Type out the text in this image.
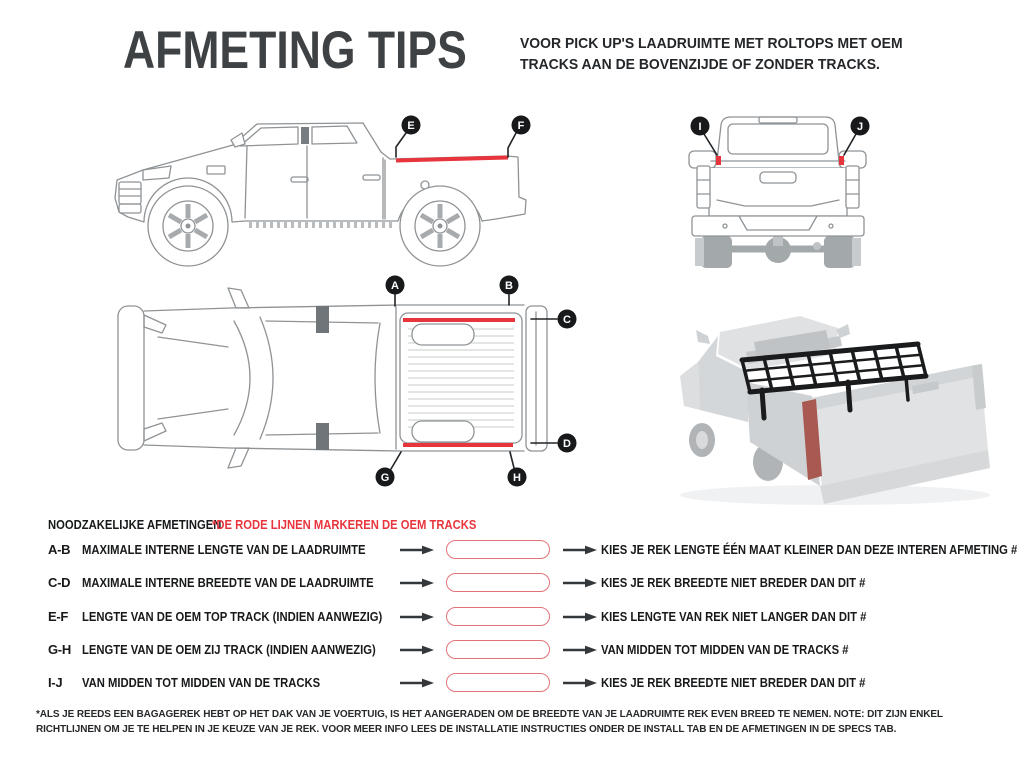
AFMETING TIPS	VOOR PICK UP'S LAADRUIMTE MET ROLTOPS MET OEM
TRACKS AAN DE BOVENZIJDE OF ZONDER TRACKS.
E	F	I	J
A	B
C
D
G	H
NOODZAKELIJKE AFMETINGEN
*DE RODE LIJNEN MARKEREN DE OEM TRACKS
A-B MAXIMALE INTERNE LENGTE VAN DE LAADRUIMTE	KIES JE REK LENGTE ÉÉN MAAT KLEINER DAN DEZE INTEREN AFMETING #
C-D MAXIMALE INTERNE BREEDTE VAN DE LAADRUIMTE	KIES JE REK BREEDTE NIET BREDER DAN DIT #
E-F LENGTE VAN DE OEM TOP TRACK (INDIEN AANWEZIG)	KIES LENGTE VAN REK NIET LANGER DAN DIT #
G-H LENGTE VAN DE OEM ZIJ TRACK (INDIEN AANWEZIG)	VAN MIDDEN TOT MIDDEN VAN DE TRACKS #
I-J VAN MIDDEN TOT MIDDEN VAN DE TRACKS	KIES JE REK BREEDTE NIET BREDER DAN DIT #
*ALS JE REEDS EEN BAGAGEREK HEBT OP HET DAK VAN JE VOERTUIG, IS HET AANGERADEN OM DE BREEDTE VAN JE LAADRUIMTE REK EVEN BREED TE NEMEN. NOTE: DIT ZIJN ENKEL RICHTLIJNEN OM JE TE HELPEN IN JE KEUZE VAN JE REK. VOOR MEER INFO LEES DE INSTALLATIE INSTRUCTIES ONDER DE INSTALL TAB EN DE AFMETINGEN IN DE SPECS TAB.
